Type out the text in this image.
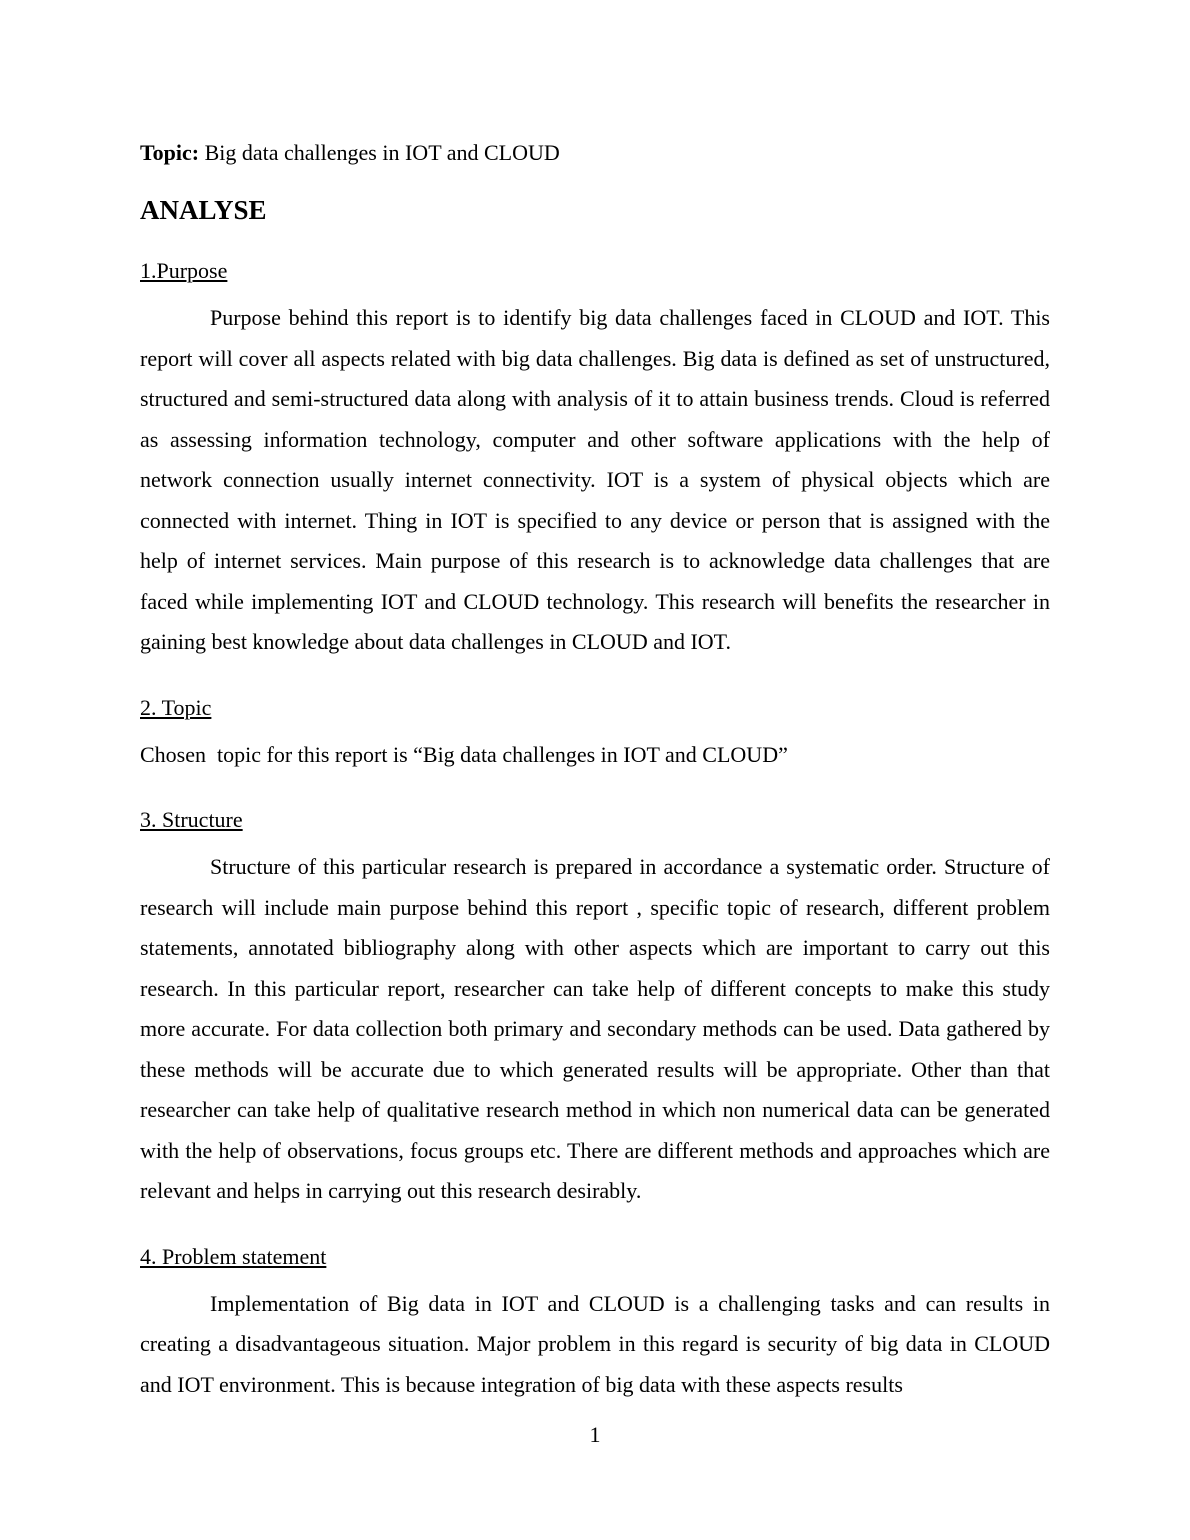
Topic: Big data challenges in IOT and CLOUD

ANALYSE
1.Purpose

Purpose behind this report is to identify big data challenges faced in CLOUD and IOT. This report will cover all aspects related with big data challenges. Big data is defined as set of unstructured, structured and semi-structured data along with analysis of it to attain business trends. Cloud is referred as assessing information technology, computer and other software applications with the help of network connection usually internet connectivity. IOT is a system of physical objects which are connected with internet. Thing in IOT is specified to any device or person that is assigned with the help of internet services. Main purpose of this research is to acknowledge data challenges that are faced while implementing IOT and CLOUD technology. This research will benefits the researcher in gaining best knowledge about data challenges in CLOUD and IOT.

2. Topic

Chosen  topic for this report is “Big data challenges in IOT and CLOUD”

3. Structure

Structure of this particular research is prepared in accordance a systematic order. Structure of research will include main purpose behind this report , specific topic of research, different problem statements, annotated bibliography along with other aspects which are important to carry out this research. In this particular report, researcher can take help of different concepts to make this study more accurate. For data collection both primary and secondary methods can be used. Data gathered by these methods will be accurate due to which generated results will be appropriate. Other than that researcher can take help of qualitative research method in which non numerical data can be generated with the help of observations, focus groups etc. There are different methods and approaches which are relevant and helps in carrying out this research desirably.

4. Problem statement

Implementation of Big data in IOT and CLOUD is a challenging tasks and can results in creating a disadvantageous situation. Major problem in this regard is security of big data in CLOUD and IOT environment. This is because integration of big data with these aspects results

1
